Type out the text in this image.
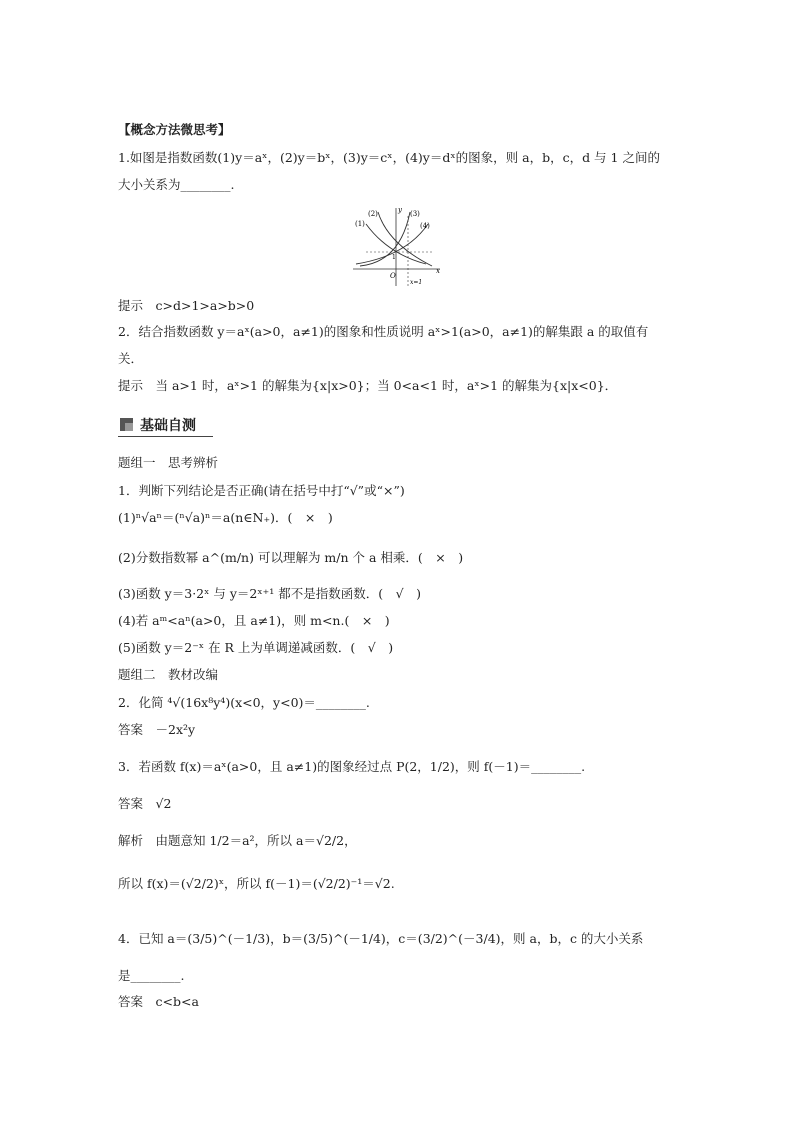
【概念方法微思考】
1.如图是指数函数(1)y＝aˣ，(2)y＝bˣ，(3)y＝cˣ，(4)y＝dˣ的图象，则 a，b，c，d 与 1 之间的
大小关系为________.
(1)
(2)	(3)
(4)
x
y
O
1
x=1
提示　c>d>1>a>b>0
2．结合指数函数 y＝aˣ(a>0，a≠1)的图象和性质说明 aˣ>1(a>0，a≠1)的解集跟 a 的取值有
关．
提示　当 a>1 时，aˣ>1 的解集为{x|x>0}；当 0<a<1 时，aˣ>1 的解集为{x|x<0}．
基础自测
题组一　思考辨析
1．判断下列结论是否正确(请在括号中打“√”或“×”)
(1)ⁿ√aⁿ＝(ⁿ√a)ⁿ＝a(n∈N₊)．(　×　)
(2)分数指数幂 a^(m/n) 可以理解为 m/n 个 a 相乘．(　×　)
(3)函数 y＝3·2ˣ 与 y＝2ˣ⁺¹ 都不是指数函数．(　√　)
(4)若 aᵐ<aⁿ(a>0，且 a≠1)，则 m<n.(　×　)
(5)函数 y＝2⁻ˣ 在 R 上为单调递减函数．(　√　)
题组二　教材改编
2．化简 ⁴√(16x⁸y⁴)(x<0，y<0)＝________.
答案　－2x²y
3．若函数 f(x)＝aˣ(a>0，且 a≠1)的图象经过点 P(2，1/2)，则 f(－1)＝________.
答案　√2
解析　由题意知 1/2＝a²，所以 a＝√2/2，
所以 f(x)＝(√2/2)ˣ，所以 f(－1)＝(√2/2)⁻¹＝√2.
4．已知 a＝(3/5)^(－1/3)，b＝(3/5)^(－1/4)，c＝(3/2)^(－3/4)，则 a，b，c 的大小关系
是________.
答案　c<b<a
